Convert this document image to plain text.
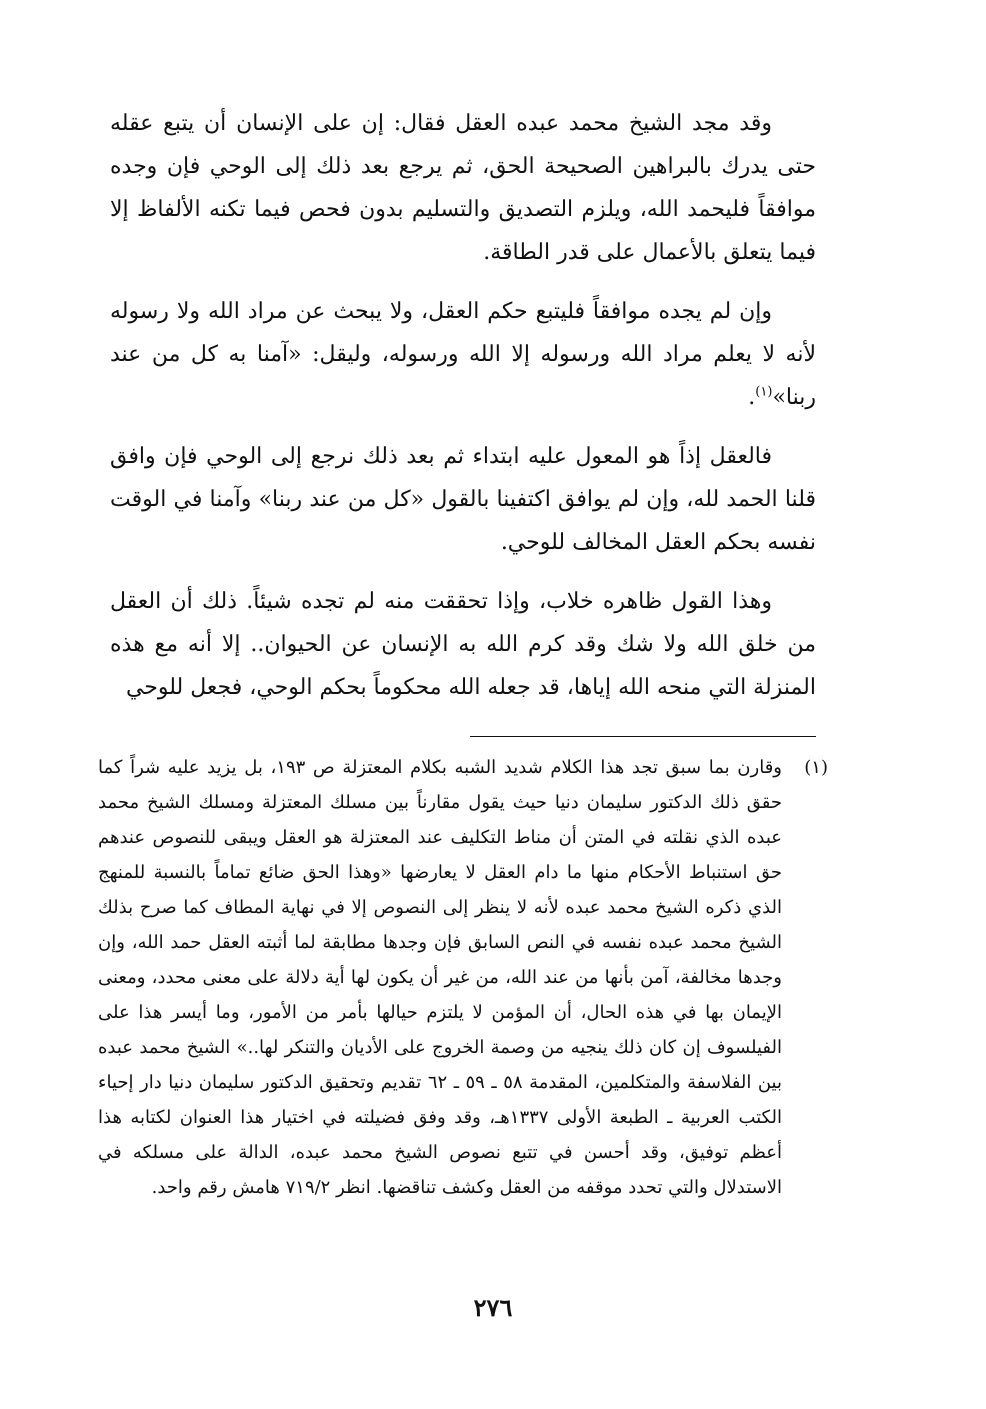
وقد مجد الشيخ محمد عبده العقل فقال: إن على الإنسان أن يتبع عقله حتى يدرك بالبراهين الصحيحة الحق، ثم يرجع بعد ذلك إلى الوحي فإن وجده موافقاً فليحمد الله، ويلزم التصديق والتسليم بدون فحص فيما تكنه الألفاظ إلا فيما يتعلق بالأعمال على قدر الطاقة.

وإن لم يجده موافقاً فليتبع حكم العقل، ولا يبحث عن مراد الله ولا رسوله لأنه لا يعلم مراد الله ورسوله إلا الله ورسوله، وليقل: «آمنا به كل من عند ربنا»$^{(١)}$.

فالعقل إذاً هو المعول عليه ابتداء ثم بعد ذلك نرجع إلى الوحي فإن وافق قلنا الحمد لله، وإن لم يوافق اكتفينا بالقول «كل من عند ربنا» وآمنا في الوقت نفسه بحكم العقل المخالف للوحي.

وهذا القول ظاهره خلاب، وإذا تحققت منه لم تجده شيئاً. ذلك أن العقل من خلق الله ولا شك وقد كرم الله به الإنسان عن الحيوان.. إلا أنه مع هذه المنزلة التي منحه الله إياها، قد جعله الله محكوماً بحكم الوحي، فجعل للوحي

(١)

وقارن بما سبق تجد هذا الكلام شديد الشبه بكلام المعتزلة ص ١٩٣، بل يزيد عليه شراً كما حقق ذلك الدكتور سليمان دنيا حيث يقول مقارناً بين مسلك المعتزلة ومسلك الشيخ محمد عبده الذي نقلته في المتن أن مناط التكليف عند المعتزلة هو العقل ويبقى للنصوص عندهم حق استنباط الأحكام منها ما دام العقل لا يعارضها «وهذا الحق ضائع تماماً بالنسبة للمنهج الذي ذكره الشيخ محمد عبده لأنه لا ينظر إلى النصوص إلا في نهاية المطاف كما صرح بذلك الشيخ محمد عبده نفسه في النص السابق فإن وجدها مطابقة لما أثبته العقل حمد الله، وإن وجدها مخالفة، آمن بأنها من عند الله، من غير أن يكون لها أية دلالة على معنى محدد، ومعنى الإيمان بها في هذه الحال، أن المؤمن لا يلتزم حيالها بأمر من الأمور، وما أيسر هذا على الفيلسوف إن كان ذلك ينجيه من وصمة الخروج على الأديان والتنكر لها..» الشيخ محمد عبده بين الفلاسفة والمتكلمين، المقدمة ٥٨ ـ ٥٩ ـ ٦٢ تقديم وتحقيق الدكتور سليمان دنيا دار إحياء الكتب العربية ـ الطبعة الأولى ١٣٣٧هـ، وقد وفق فضيلته في اختيار هذا العنوان لكتابه هذا أعظم توفيق، وقد أحسن في تتبع نصوص الشيخ محمد عبده، الدالة على مسلكه في الاستدلال والتي تحدد موقفه من العقل وكشف تناقضها. انظر ٧١٩/٢ هامش رقم واحد.

٢٧٦
